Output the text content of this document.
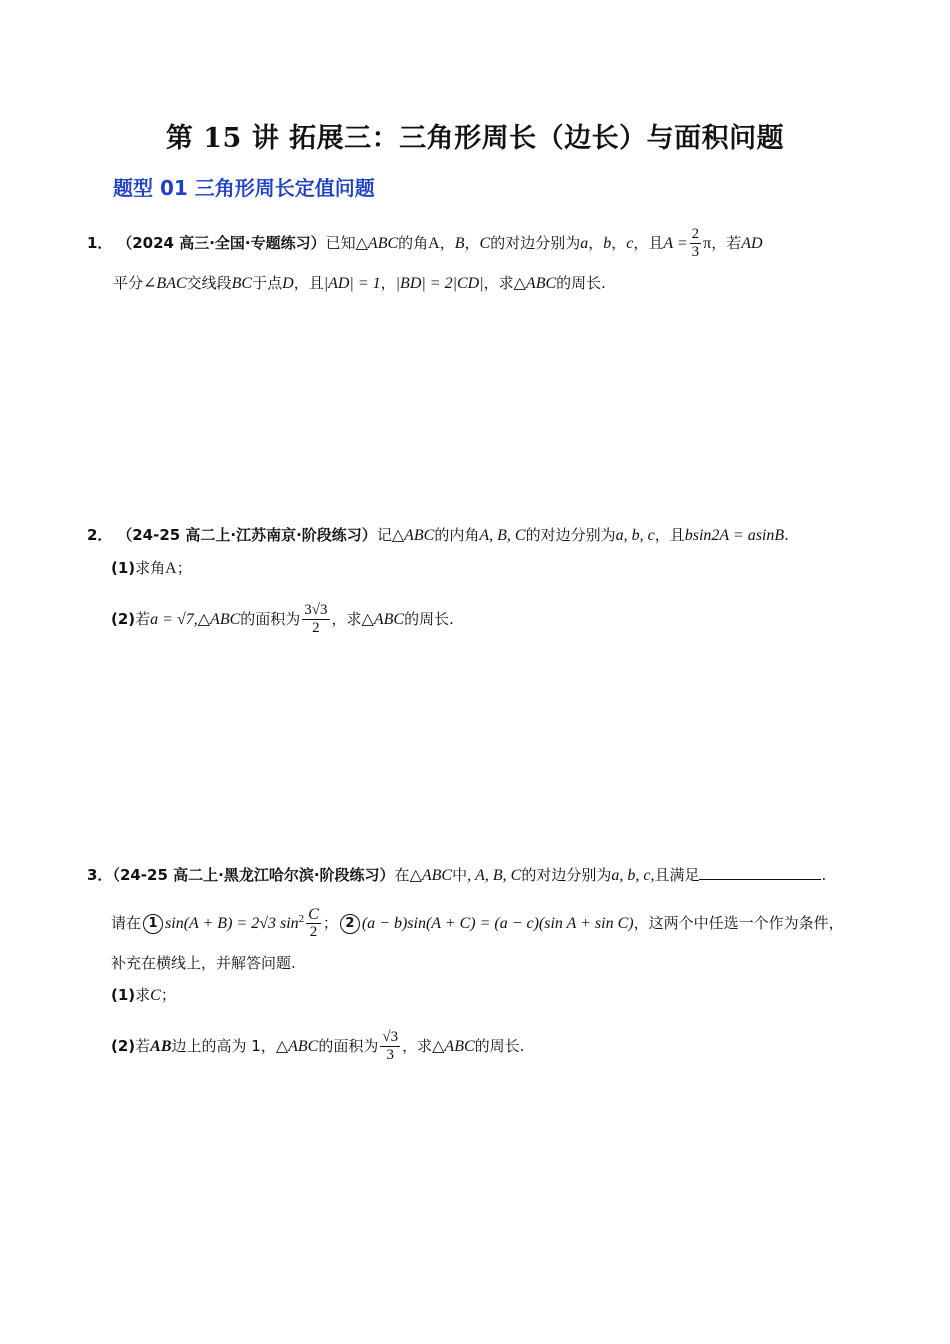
第 15 讲 拓展三：三角形周长（边长）与面积问题
题型 01 三角形周长定值问题
1． （2024 高三·全国·专题练习）已知△ABC的角A，B，C的对边分别为a，b，c，且$A = \frac{2}{3}$ π，若AD
平分∠BAC交线段BC于点D，且|AD| = 1，|BD| = 2|CD|，求△ABC的周长.
2． （24-25 高二上·江苏南京·阶段练习）记△ABC的内角A, B, C的对边分别为a, b, c，且bsin2A = asinB.
(1)求角A；
(2)若a = √7,△ABC的面积为 $\frac{3√3}{2}$ ，求△ABC的周长.
3．（24-25 高二上·黑龙江哈尔滨·阶段练习）在△ABC中, A, B, C的对边分别为a, b, c,且满足	.
请在 1 sin(A + B) = 2√3 $\sin^2 \frac{C}{2}$ ； 2 (a − b)sin(A + C) = (a − c)(sin A + sin C)，这两个中任选一个作为条件，
补充在横线上，并解答问题.
(1)求C；
(2)若AB边上的高为 1，△ABC的面积为 $\frac{√3}{3}$ ，求△ABC的周长.
